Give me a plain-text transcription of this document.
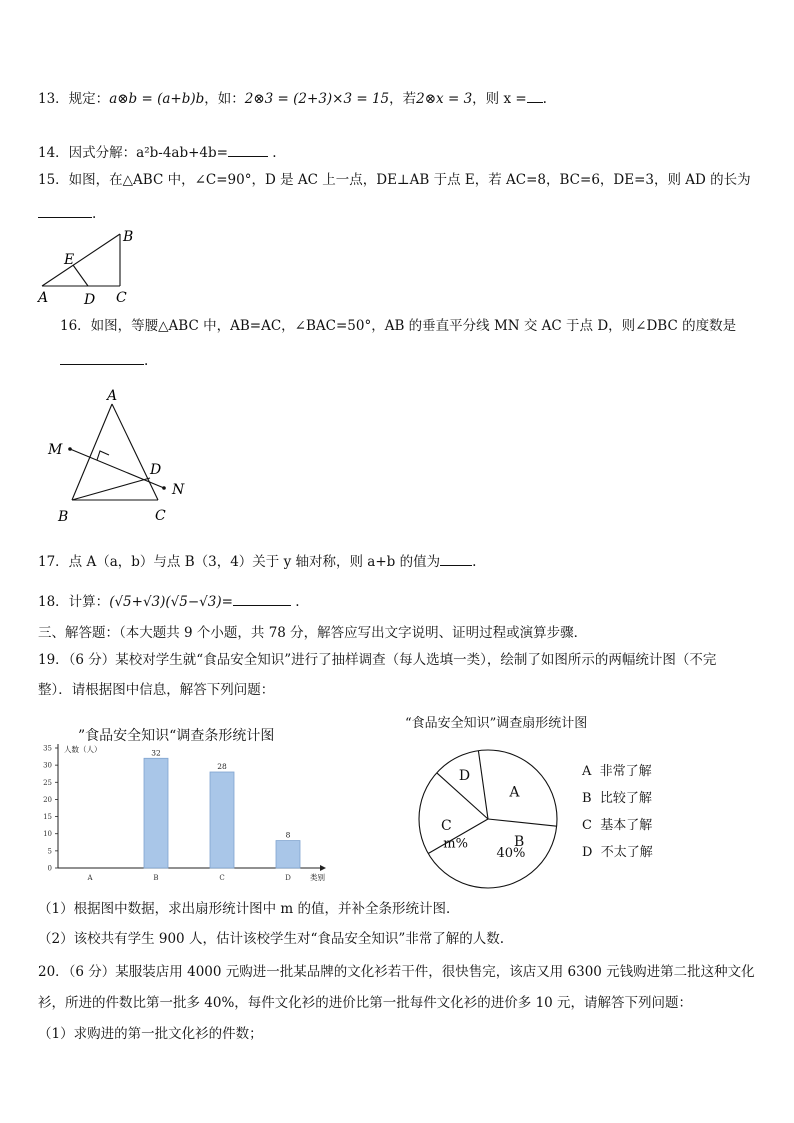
13．规定：a⊗b = (a+b)b，如：2⊗3 = (2+3)×3 = 15，若2⊗x = 3，则 x = .
14．因式分解：a²b-4ab+4b=	.
15．如图，在△ABC 中，∠C=90°，D 是 AC 上一点，DE⊥AB 于点 E，若 AC=8，BC=6，DE=3，则 AD 的长为
.
A
B
C
D
E
16．如图，等腰△ABC 中，AB=AC，∠BAC=50°，AB 的垂直平分线 MN 交 AC 于点 D，则∠DBC 的度数是
.
A
B	C
D
M
N
17．点 A（a，b）与点 B（3，4）关于 y 轴对称，则 a+b 的值为 .
18．计算：(√5+√3)(√5−√3)=	.
三、解答题：（本大题共 9 个小题，共 78 分，解答应写出文字说明、证明过程或演算步骤．
19．（6 分）某校对学生就“食品安全知识”进行了抽样调查（每人选填一类），绘制了如图所示的两幅统计图（不完
整）．请根据图中信息，解答下列问题：
”食品安全知识“调查条形统计图
0
5
10
15
20
25
30
35 人数（人）
类别
A	B
32
C
28
D
8
“食品安全知识”调查扇形统计图
A
B
40%
C
m%
D	A 非常了解
B 比较了解
C 基本了解
D 不太了解
（1）根据图中数据，求出扇形统计图中 m 的值，并补全条形统计图．
（2）该校共有学生 900 人，估计该校学生对“食品安全知识”非常了解的人数.
20．（6 分）某服装店用 4000 元购进一批某品牌的文化衫若干件，很快售完，该店又用 6300 元钱购进第二批这种文化
衫，所进的件数比第一批多 40%，每件文化衫的进价比第一批每件文化衫的进价多 10 元，请解答下列问题：
（1）求购进的第一批文化衫的件数；
